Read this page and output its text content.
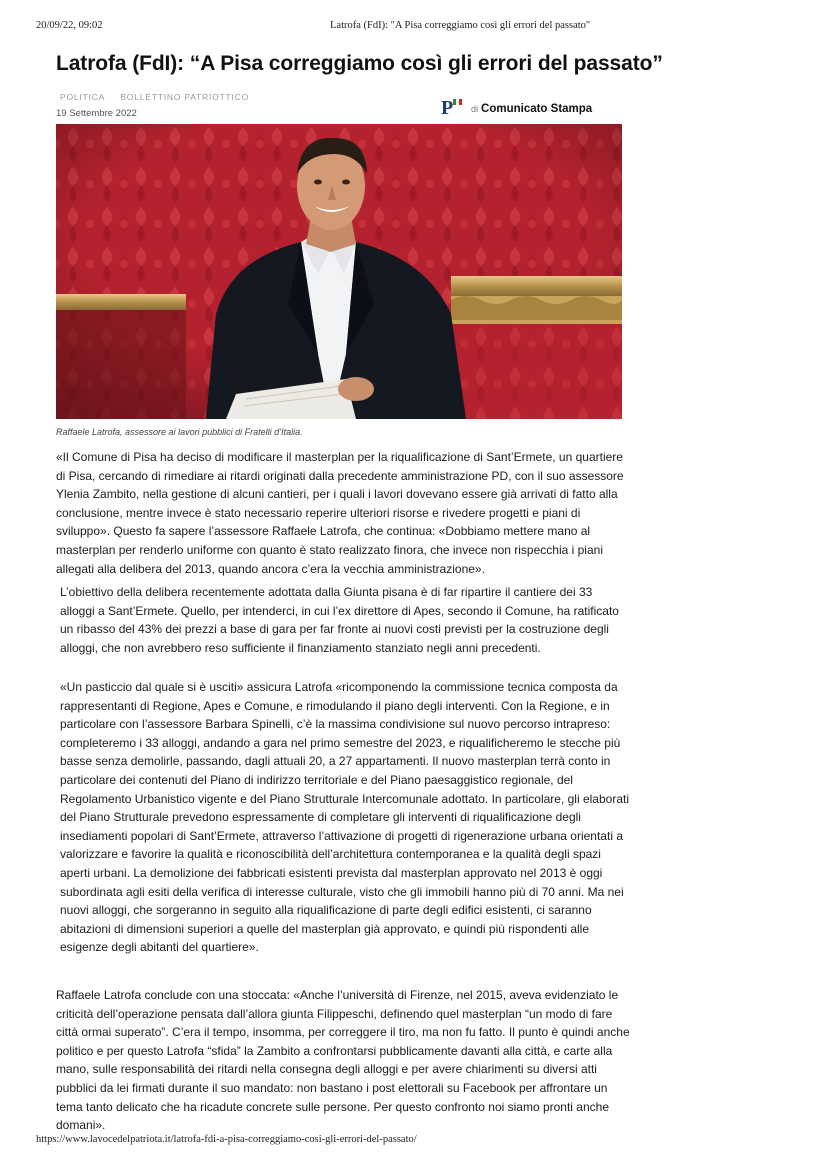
20/09/22, 09:02	Latrofa (FdI): "A Pisa correggiamo così gli errori del passato"
Latrofa (FdI): “A Pisa correggiamo così gli errori del passato”
POLITICA BOLLETTINO PATRIOTTICO
19 Settembre 2022	P di Comunicato Stampa
Raffaele Latrofa, assessore ai lavori pubblici di Fratelli d’Italia.

«Il Comune di Pisa ha deciso di modificare il masterplan per la riqualificazione di Sant’Ermete, un quartiere di Pisa, cercando di rimediare ai ritardi originati dalla precedente amministrazione PD, con il suo assessore Ylenia Zambito, nella gestione di alcuni cantieri, per i quali i lavori dovevano essere già arrivati di fatto alla conclusione, mentre invece è stato necessario reperire ulteriori risorse e rivedere progetti e piani di sviluppo». Questo fa sapere l’assessore Raffaele Latrofa, che continua: «Dobbiamo mettere mano al masterplan per renderlo uniforme con quanto è stato realizzato finora, che invece non rispecchia i piani allegati alla delibera del 2013, quando ancora c’era la vecchia amministrazione».

L’obiettivo della delibera recentemente adottata dalla Giunta pisana è di far ripartire il cantiere dei 33 alloggi a Sant’Ermete. Quello, per intenderci, in cui l’ex direttore di Apes, secondo il Comune, ha ratificato un ribasso del 43% dei prezzi a base di gara per far fronte ai nuovi costi previsti per la costruzione degli alloggi, che non avrebbero reso sufficiente il finanziamento stanziato negli anni precedenti.

«Un pasticcio dal quale si è usciti» assicura Latrofa «ricomponendo la commissione tecnica composta da rappresentanti di Regione, Apes e Comune, e rimodulando il piano degli interventi. Con la Regione, e in particolare con l’assessore Barbara Spinelli, c’è la massima condivisione sul nuovo percorso intrapreso: completeremo i 33 alloggi, andando a gara nel primo semestre del 2023, e riqualificheremo le stecche più basse senza demolirle, passando, dagli attuali 20, a 27 appartamenti. Il nuovo masterplan terrà conto in particolare dei contenuti del Piano di indirizzo territoriale e del Piano paesaggistico regionale, del Regolamento Urbanistico vigente e del Piano Strutturale Intercomunale adottato. In particolare, gli elaborati del Piano Strutturale prevedono espressamente di completare gli interventi di riqualificazione degli insediamenti popolari di Sant’Ermete, attraverso l’attivazione di progetti di rigenerazione urbana orientati a valorizzare e favorire la qualità e riconoscibilità dell’architettura contemporanea e la qualità degli spazi aperti urbani. La demolizione dei fabbricati esistenti prevista dal masterplan approvato nel 2013 è oggi subordinata agli esiti della verifica di interesse culturale, visto che gli immobili hanno più di 70 anni. Ma nei nuovi alloggi, che sorgeranno in seguito alla riqualificazione di parte degli edifici esistenti, ci saranno abitazioni di dimensioni superiori a quelle del masterplan già approvato, e quindi più rispondenti alle esigenze degli abitanti del quartiere».

Raffaele Latrofa conclude con una stoccata: «Anche l’università di Firenze, nel 2015, aveva evidenziato le criticità dell’operazione pensata dall’allora giunta Filippeschi, definendo quel masterplan “un modo di fare città ormai superato”. C’era il tempo, insomma, per correggere il tiro, ma non fu fatto. Il punto è quindi anche politico e per questo Latrofa “sfida” la Zambito a confrontarsi pubblicamente davanti alla città, e carte alla mano, sulle responsabilità dei ritardi nella consegna degli alloggi e per avere chiarimenti su diversi atti pubblici da lei firmati durante il suo mandato: non bastano i post elettorali su Facebook per affrontare un tema tanto delicato che ha ricadute concrete sulle persone. Per questo confronto noi siamo pronti anche domani».

https://www.lavocedelpatriota.it/latrofa-fdi-a-pisa-correggiamo-cosi-gli-errori-del-passato/
